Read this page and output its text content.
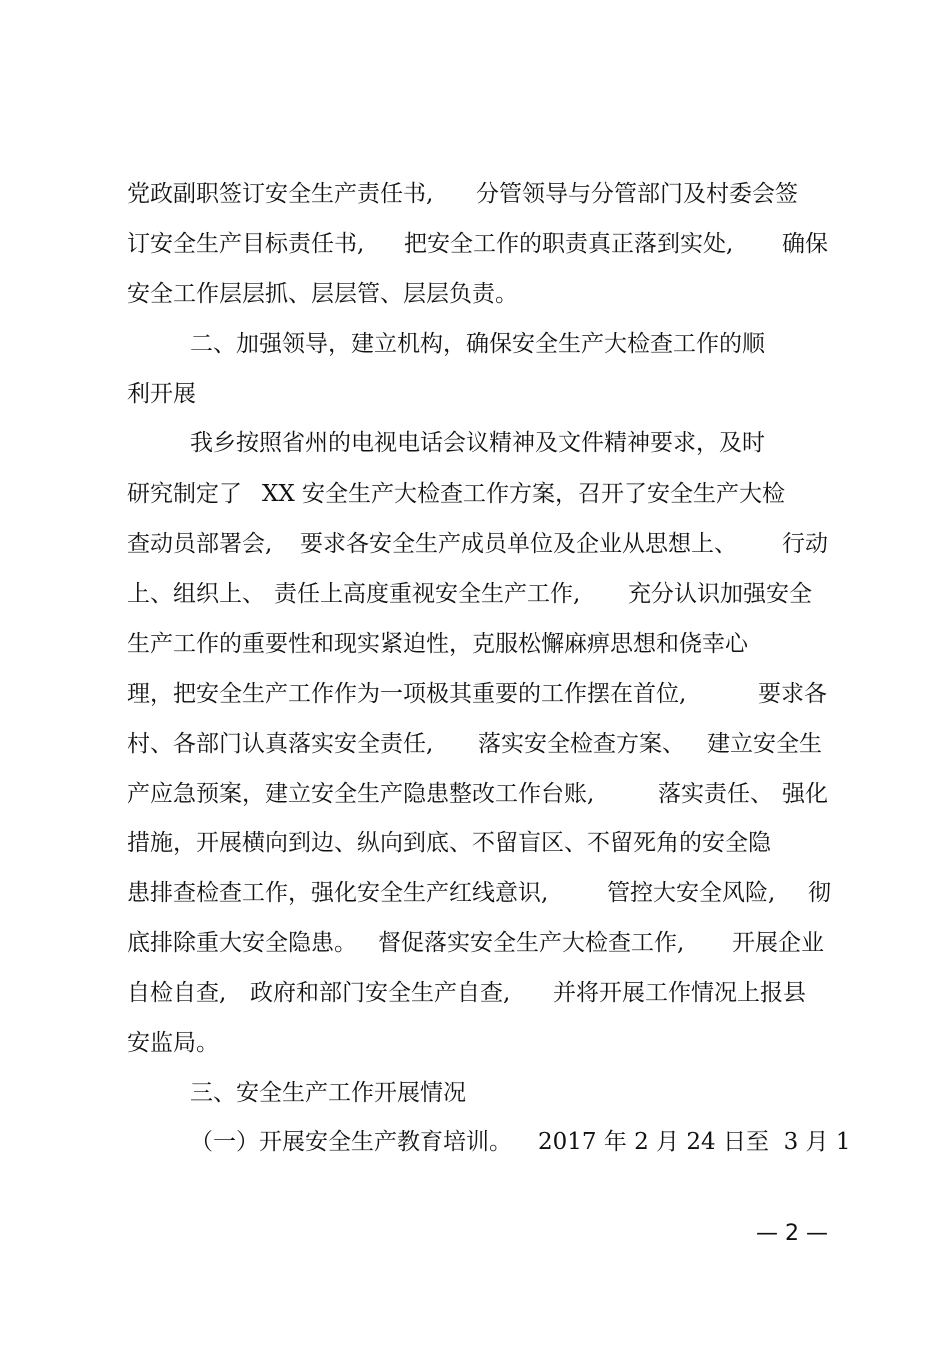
党政副职签订安全生产责任书, 分管领导与分管部门及村委会签
订安全生产目标责任书, 把安全工作的职责真正落到实处, 确保
安全工作层层抓、层层管、层层负责。
二、加强领导，建立机构，确保安全生产大检查工作的顺
利开展
我乡按照省州的电视电话会议精神及文件精神要求，及时
研究制定了 XX 安全生产大检查工作方案，召开了安全生产大检
查动员部署会, 要求各安全生产成员单位及企业从思想上、 行动
上、组织上、 责任上高度重视安全生产工作, 充分认识加强安全
生产工作的重要性和现实紧迫性，克服松懈麻痹思想和侥幸心
理，把安全生产工作作为一项极其重要的工作摆在首位,	要求各
村、各部门认真落实安全责任, 落实安全检查方案、 建立安全生
产应急预案，建立安全生产隐患整改工作台账,	落实责任、 强化
措施，开展横向到边、纵向到底、不留盲区、不留死角的安全隐
患排查检查工作，强化安全生产红线意识,	管控大安全风险, 彻
底排除重大安全隐患。 督促落实安全生产大检查工作, 开展企业
自检自查, 政府和部门安全生产自查, 并将开展工作情况上报县
安监局。
三、安全生产工作开展情况
（一）开展安全生产教育培训。 2017 年 2 月 24 日至  3 月 1
— 2 —
